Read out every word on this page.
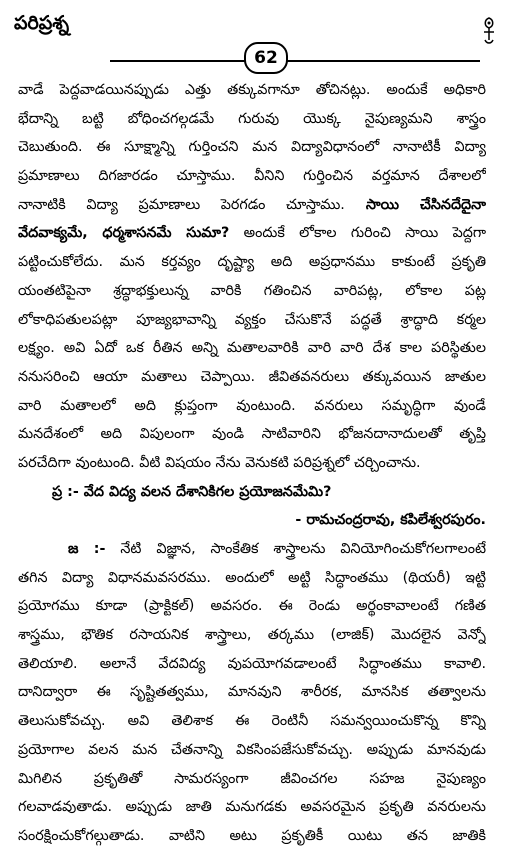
పరిప్రశ్న
62
వాడే పెద్దవాడయినప్పుడు ఎత్తు తక్కువగానూ తోచినట్లు. అందుకే అధికారి
భేదాన్ని బట్టి బోధించగల్గడమే గురువు యొక్క నైపుణ్యమని శాస్త్రం
చెబుతుంది. ఈ సూక్ష్మాన్ని గుర్తించని మన విద్యావిధానంలో నానాటికీ విద్యా
ప్రమాణాలు దిగజారడం చూస్తాము. వీనిని గుర్తించిన వర్తమాన దేశాలలో
నానాటికి విద్యా ప్రమాణాలు పెరగడం చూస్తాము. సాయి చేసినదేదైనా
వేదవాక్యమే, ధర్మశాసనమే సుమా? అందుకే లోకాల గురించి సాయి పెద్దగా
పట్టించుకోలేదు. మన కర్తవ్యం దృష్ట్యా అది అప్రధానము కాకుంటే ప్రకృతి
యంతటిపైనా శ్రద్ధాభక్తులున్న వారికి గతించిన వారిపట్ల, లోకాల పట్ల
లోకాధిపతులపట్లా పూజ్యభావాన్ని వ్యక్తం చేసుకొనే పద్ధతే శ్రాద్ధాది కర్మల
లక్ష్యం. అవి ఏదో ఒక రీతిన అన్ని మతాలవారికి వారి వారి దేశ కాల పరిస్థితుల
ననుసరించి ఆయా మతాలు చెప్పాయి. జీవితవనరులు తక్కువయిన జాతుల
వారి మతాలలో అది క్లుప్తంగా వుంటుంది. వనరులు సమృద్ధిగా వుండే
మనదేశంలో అది విపులంగా వుండి సాటివారిని భోజనదానాదులతో తృప్తి
పరచేదిగా వుంటుంది. వీటి విషయం నేను వెనుకటి పరిప్రశ్నలో చర్చించాను.
ప్ర :- వేద విద్య వలన దేశానికిగల ప్రయోజనమేమి?
- రామచంద్రరావు, కపిలేశ్వరపురం.
జ :- నేటి విజ్ఞాన, సాంకేతిక శాస్త్రాలను వినియోగించుకోగలగాలంటే
తగిన విద్యా విధానమవసరము. అందులో అట్టి సిద్ధాంతము (థియరీ) ఇట్టి
ప్రయోగము కూడా (ప్రాక్టికల్) అవసరం. ఈ రెండు అర్థంకావాలంటే గణిత
శాస్త్రము, భౌతిక రసాయనిక శాస్త్రాలు, తర్కము (లాజిక్) మొదలైన వెన్నో
తెలియాలి. అలానే వేదవిద్య వుపయోగవడాలంటే సిద్ధాంతము కావాలి.
దానిద్వారా ఈ సృష్టితత్వము, మానవుని శారీరక, మానసిక తత్వాలను
తెలుసుకోవచ్చు. అవి తెలిశాక ఈ రెంటినీ సమన్వయించుకొన్న కొన్ని
ప్రయోగాల వలన మన చేతనాన్ని వికసింపజేసుకోవచ్చు. అప్పుడు మానవుడు
మిగిలిన ప్రకృతితో సామరస్యంగా జీవించగల సహజ నైపుణ్యం
గలవాడవుతాడు. అప్పుడు జాతి మనుగడకు అవసరమైన ప్రకృతి వనరులను
సంరక్షించుకోగల్గుతాడు. వాటిని అటు ప్రకృతికీ యిటు తన జాతికి
